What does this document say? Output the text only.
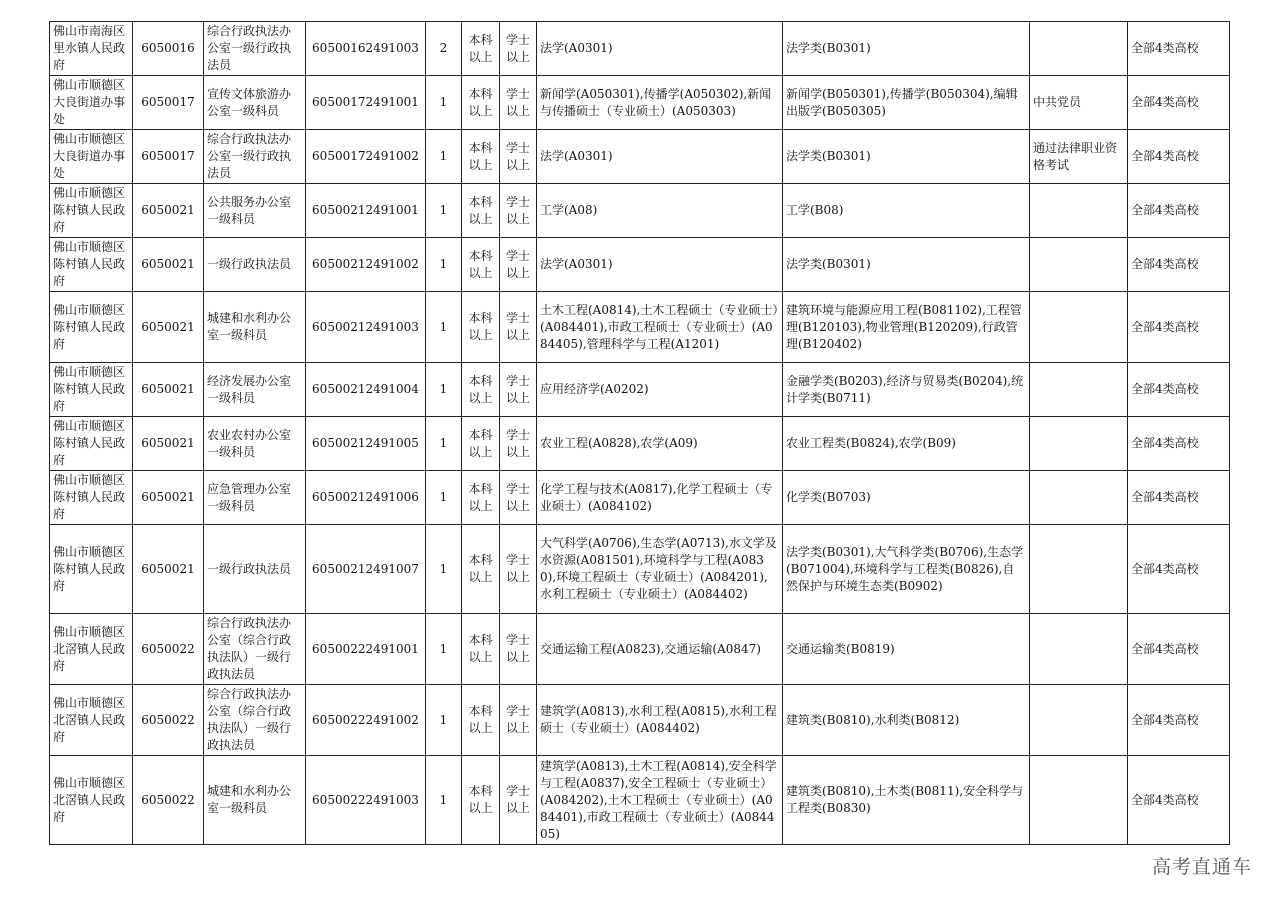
佛山市南海区里水镇人民政府	6050016	综合行政执法办公室一级行政执法员	60500162491003	2	本科以上	学士以上	法学(A0301)	法学类(B0301)		全部4类高校
佛山市顺德区大良街道办事处	6050017	宣传文体旅游办公室一级科员	60500172491001	1	本科以上	学士以上	新闻学(A050301),传播学(A050302),新闻与传播硕士（专业硕士）(A050303)	新闻学(B050301),传播学(B050304),编辑出版学(B050305)	中共党员	全部4类高校
佛山市顺德区大良街道办事处	6050017	综合行政执法办公室一级行政执法员	60500172491002	1	本科以上	学士以上	法学(A0301)	法学类(B0301)	通过法律职业资格考试	全部4类高校
佛山市顺德区陈村镇人民政府	6050021	公共服务办公室一级科员	60500212491001	1	本科以上	学士以上	工学(A08)	工学(B08)		全部4类高校
佛山市顺德区陈村镇人民政府	6050021	一级行政执法员	60500212491002	1	本科以上	学士以上	法学(A0301)	法学类(B0301)		全部4类高校
佛山市顺德区陈村镇人民政府	6050021	城建和水利办公室一级科员	60500212491003	1	本科以上	学士以上	土木工程(A0814),土木工程硕士（专业硕士）(A084401),市政工程硕士（专业硕士）(A084405),管理科学与工程(A1201)	建筑环境与能源应用工程(B081102),工程管理(B120103),物业管理(B120209),行政管理(B120402)		全部4类高校
佛山市顺德区陈村镇人民政府	6050021	经济发展办公室一级科员	60500212491004	1	本科以上	学士以上	应用经济学(A0202)	金融学类(B0203),经济与贸易类(B0204),统计学类(B0711)		全部4类高校
佛山市顺德区陈村镇人民政府	6050021	农业农村办公室一级科员	60500212491005	1	本科以上	学士以上	农业工程(A0828),农学(A09)	农业工程类(B0824),农学(B09)		全部4类高校
佛山市顺德区陈村镇人民政府	6050021	应急管理办公室一级科员	60500212491006	1	本科以上	学士以上	化学工程与技术(A0817),化学工程硕士（专业硕士）(A084102)	化学类(B0703)		全部4类高校
佛山市顺德区陈村镇人民政府	6050021	一级行政执法员	60500212491007	1	本科以上	学士以上	大气科学(A0706),生态学(A0713),水文学及水资源(A081501),环境科学与工程(A0830),环境工程硕士（专业硕士）(A084201),水利工程硕士（专业硕士）(A084402)	法学类(B0301),大气科学类(B0706),生态学(B071004),环境科学与工程类(B0826),自然保护与环境生态类(B0902)		全部4类高校
佛山市顺德区北滘镇人民政府	6050022	综合行政执法办公室（综合行政执法队）一级行政执法员	60500222491001	1	本科以上	学士以上	交通运输工程(A0823),交通运输(A0847)	交通运输类(B0819)		全部4类高校
佛山市顺德区北滘镇人民政府	6050022	综合行政执法办公室（综合行政执法队）一级行政执法员	60500222491002	1	本科以上	学士以上	建筑学(A0813),水利工程(A0815),水利工程硕士（专业硕士）(A084402)	建筑类(B0810),水利类(B0812)		全部4类高校
佛山市顺德区北滘镇人民政府	6050022	城建和水利办公室一级科员	60500222491003	1	本科以上	学士以上	建筑学(A0813),土木工程(A0814),安全科学与工程(A0837),安全工程硕士（专业硕士）(A084202),土木工程硕士（专业硕士）(A084401),市政工程硕士（专业硕士）(A084405)	建筑类(B0810),土木类(B0811),安全科学与工程类(B0830)		全部4类高校
高考直通车
